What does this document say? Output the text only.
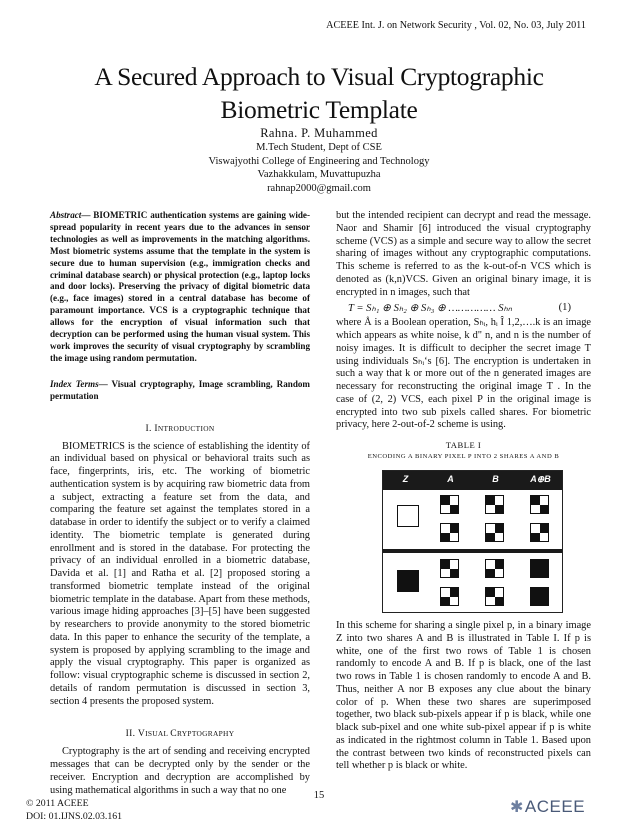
ACEEE Int. J. on Network Security , Vol. 02, No. 03, July 2011
A Secured Approach to Visual Cryptographic
Biometric Template
Rahna. P. Muhammed
M.Tech Student, Dept of CSE
Viswajyothi College of Engineering and Technology
Vazhakkulam, Muvattupuzha
rahnap2000@gmail.com

Abstract— BIOMETRIC authentication systems are gaining wide-spread popularity in recent years due to the advances in sensor technologies as well as improvements in the matching algorithms. Most biometric systems assume that the template in the system is secure due to human supervision (e.g., immigration checks and criminal database search) or physical protection (e.g., laptop locks and door locks). Preserving the privacy of digital biometric data (e.g., face images) stored in a central database has become of paramount importance. VCS is a cryptographic technique that allows for the encryption of visual information such that decryption can be performed using the human visual system. This work improves the security of visual cryptography by scrambling the image using random permutation.

Index Terms— Visual cryptography, Image scrambling, Random permutation

I. INTRODUCTION

BIOMETRICS is the science of establishing the identity of an individual based on physical or behavioral traits such as face, fingerprints, iris, etc. The working of biometric authentication system is by acquiring raw biometric data from a subject, extracting a feature set from the data, and comparing the feature set against the templates stored in a database in order to identify the subject or to verify a claimed identity. The biometric template is generated during enrollment and is stored in the database. For protecting the privacy of an individual enrolled in a biometric database, Davida et al. [1] and Ratha et al. [2] proposed storing a transformed biometric template instead of the original biometric template in the database. Apart from these methods, various image hiding approaches [3]–[5] have been suggested by researchers to provide anonymity to the stored biometric data. In this paper to enhance the security of the template, a system is proposed by applying scrambling to the image and apply the visual cryptography. This paper is organized as follow: visual cryptographic scheme is discussed in section 2, details of random permutation is discussed in section 3, section 4 presents the proposed system.

II. VISUAL CRYPTOGRAPHY

Cryptography is the art of sending and receiving encrypted messages that can be decrypted only by the sender or the receiver. Encryption and decryption are accomplished by using mathematical algorithms in such a way that no one

but the intended recipient can decrypt and read the message. Naor and Shamir [6] introduced the visual cryptography scheme (VCS) as a simple and secure way to allow the secret sharing of images without any cryptographic computations. This scheme is referred to as the k-out-of-n VCS which is denoted as (k,n)VCS. Given an original binary image, it is encrypted in n images, such that

T = Sₕ₁ ⊕ Sₕ₂ ⊕ Sₕ₃ ⊕ …………… Sₕₙ	(1)

where Å is a Boolean operation, Sₕᵢ, hᵢ Î 1,2,….k is an image which appears as white noise, k d" n, and n is the number of noisy images. It is difficult to decipher the secret image T using individuals Sₕᵢ‘s [6]. The encryption is undertaken in such a way that k or more out of the n generated images are necessary for reconstructing the original image T . In the case of (2, 2) VCS, each pixel P in the original image is encrypted into two sub pixels called shares. For biometric privacy, here 2-out-of-2 scheme is using.

TABLE I
ENCODING A BINARY PIXEL P INTO 2 SHARES A AND B

In this scheme for sharing a single pixel p, in a binary image Z into two shares A and B is illustrated in Table I. If p is white, one of the first two rows of Table 1 is chosen randomly to encode A and B. If p is black, one of the last two rows in Table 1 is chosen randomly to encode A and B. Thus, neither A nor B exposes any clue about the binary color of p. When these two shares are superimposed together, two black sub-pixels appear if p is black, while one black sub-pixel and one white sub-pixel appear if p is white as indicated in the rightmost column in Table 1. Based upon the contrast between two kinds of reconstructed pixels can tell whether p is black or white.

Z	A	B	A⊕B
15
© 2011 ACEEE
DOI: 01.IJNS.02.03.161
✱ACEEE
